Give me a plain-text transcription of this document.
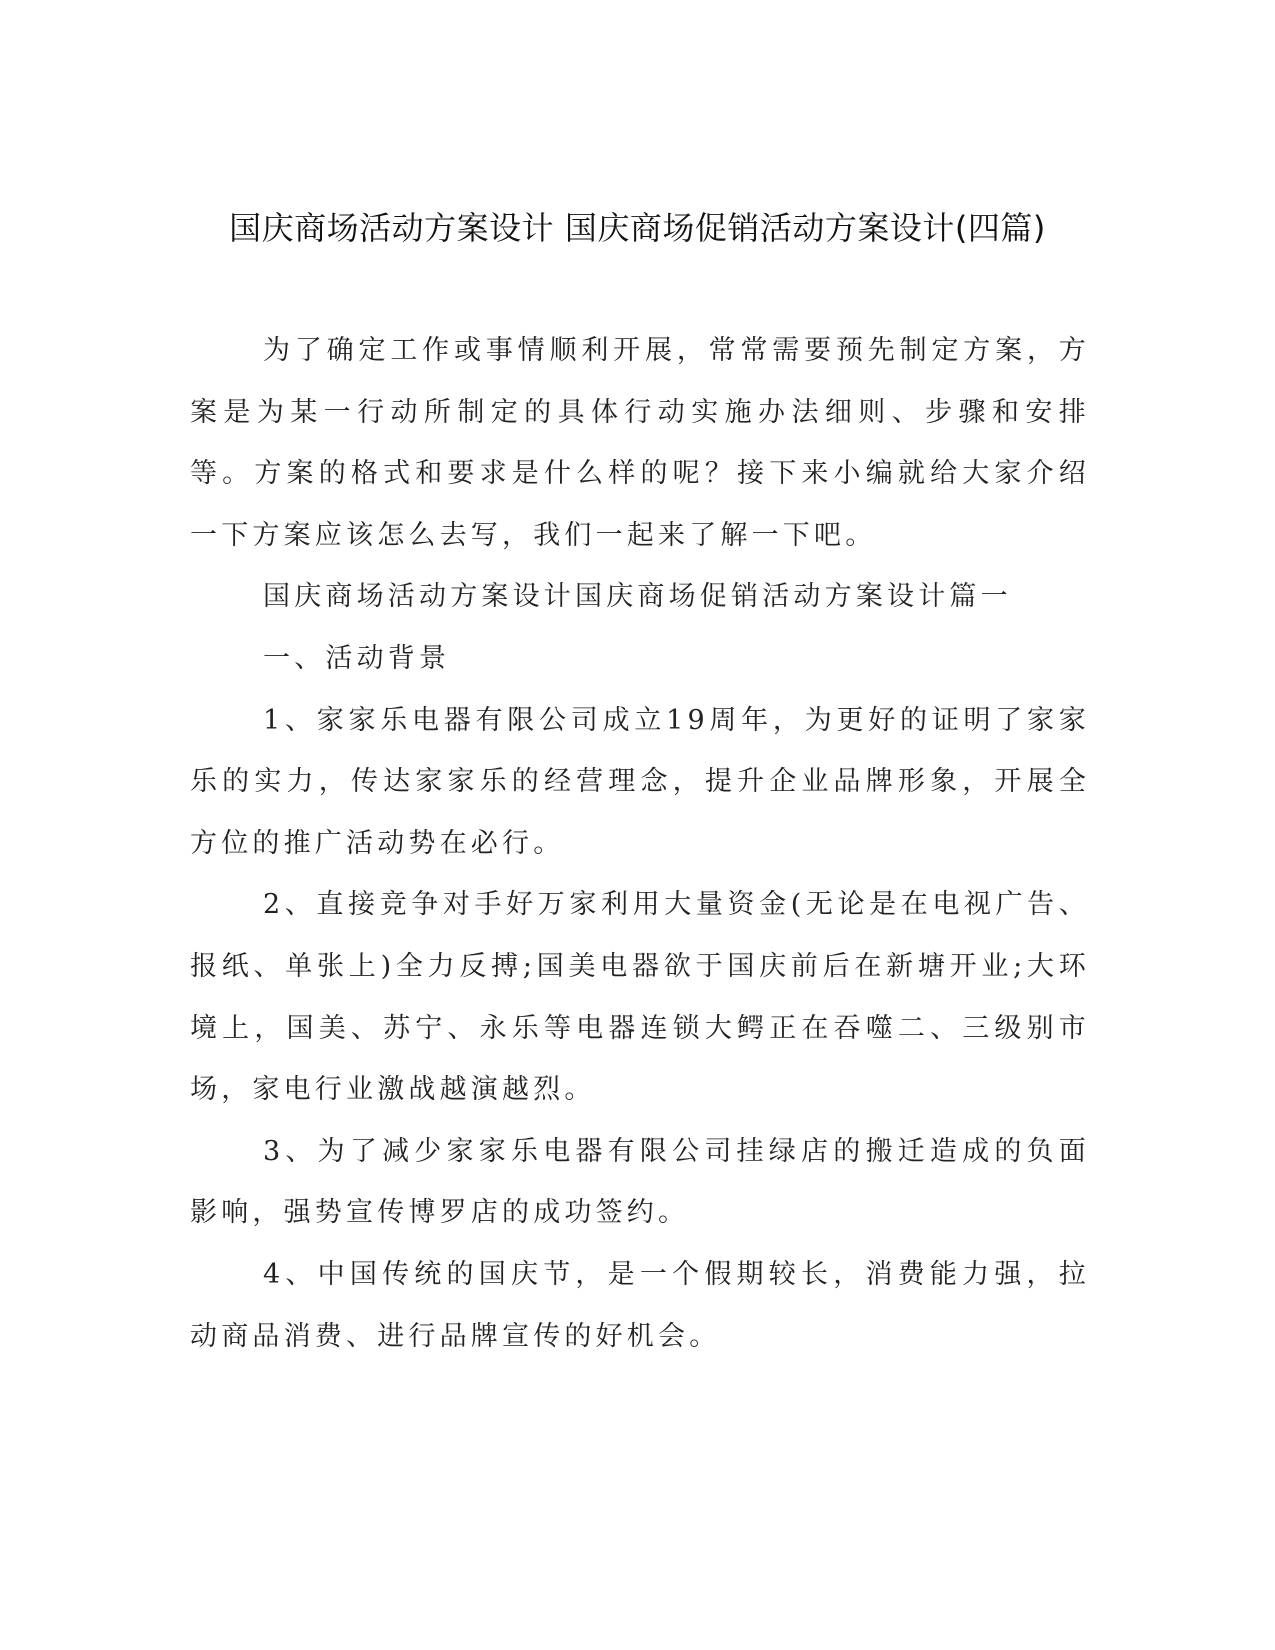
国庆商场活动方案设计 国庆商场促销活动方案设计(四篇)

为了确定工作或事情顺利开展，常常需要预先制定方案，方案是为某一行动所制定的具体行动实施办法细则、步骤和安排等。方案的格式和要求是什么样的呢？接下来小编就给大家介绍一下方案应该怎么去写，我们一起来了解一下吧。

国庆商场活动方案设计国庆商场促销活动方案设计篇一

一、活动背景

1、家家乐电器有限公司成立19周年，为更好的证明了家家乐的实力，传达家家乐的经营理念，提升企业品牌形象，开展全方位的推广活动势在必行。

2、直接竞争对手好万家利用大量资金(无论是在电视广告、报纸、单张上)全力反搏;国美电器欲于国庆前后在新塘开业;大环境上，国美、苏宁、永乐等电器连锁大鳄正在吞噬二、三级别市场，家电行业激战越演越烈。

3、为了减少家家乐电器有限公司挂绿店的搬迁造成的负面影响，强势宣传博罗店的成功签约。

4、中国传统的国庆节，是一个假期较长，消费能力强，拉动商品消费、进行品牌宣传的好机会。
